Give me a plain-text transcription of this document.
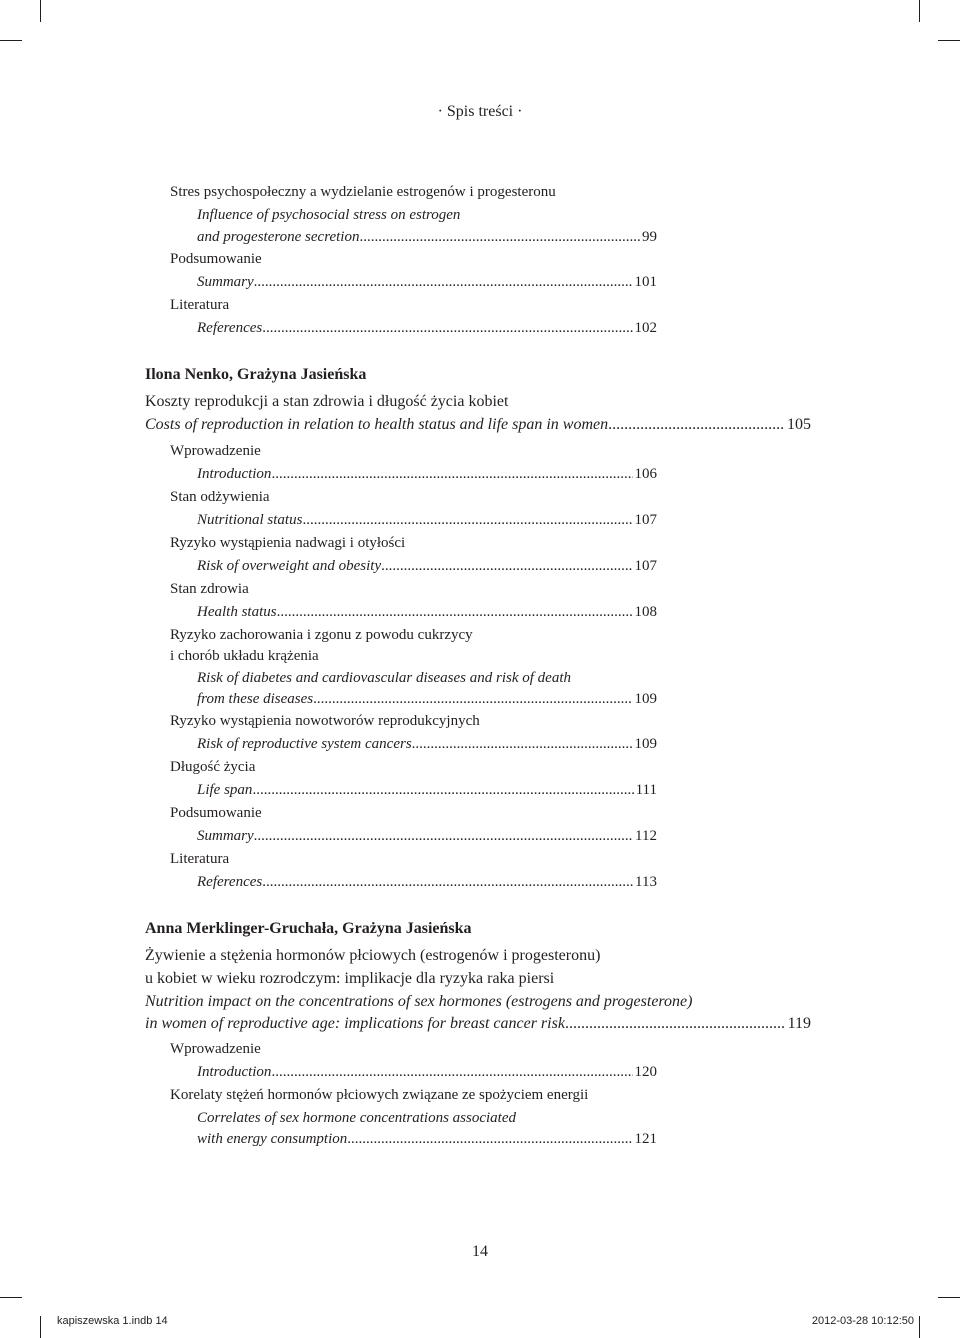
· Spis treści ·
Stres psychospołeczny a wydzielanie estrogenów i progesteronu
Influence of psychosocial stress on estrogen
and progesterone secretion .....	99
Podsumowanie
Summary .....	101
Literatura
References .....	102
Ilona Nenko, Grażyna Jasieńska
Koszty reprodukcji a stan zdrowia i długość życia kobiet
Costs of reproduction in relation to health status and life span in women .....	105
Wprowadzenie
Introduction .....	106
Stan odżywienia
Nutritional status .....	107
Ryzyko wystąpienia nadwagi i otyłości
Risk of overweight and obesity .....	107
Stan zdrowia
Health status .....	108
Ryzyko zachorowania i zgonu z powodu cukrzycy
i chorób układu krążenia
Risk of diabetes and cardiovascular diseases and risk of death
from these diseases .....	109
Ryzyko wystąpienia nowotworów reprodukcyjnych
Risk of reproductive system cancers .....	109
Długość życia
Life span .....	111
Podsumowanie
Summary .....	112
Literatura
References .....	113
Anna Merklinger-Gruchała, Grażyna Jasieńska
Żywienie a stężenia hormonów płciowych (estrogenów i progesteronu)
u kobiet w wieku rozrodczym: implikacje dla ryzyka raka piersi
Nutrition impact on the concentrations of sex hormones (estrogens and progesterone)
in women of reproductive age: implications for breast cancer risk .....	119
Wprowadzenie
Introduction .....	120
Korelaty stężeń hormonów płciowych związane ze spożyciem energii
Correlates of sex hormone concentrations associated
with energy consumption .....	121
14
kapiszewska 1.indb 14	2012-03-28 10:12:50
